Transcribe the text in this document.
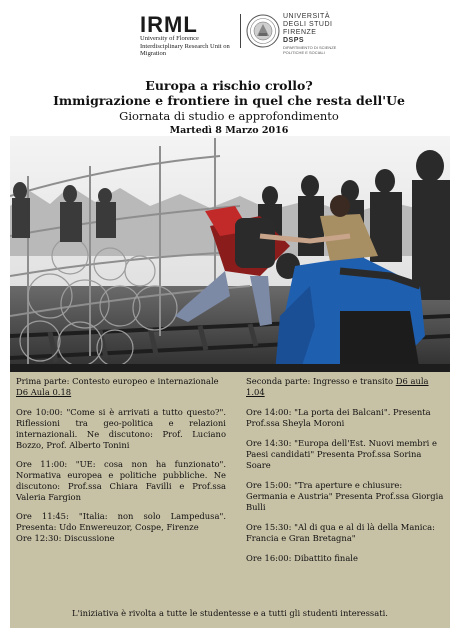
IRML
University of Florence
Interdisciplinary Research Unit on Migration
UNIVERSITÀ
DEGLI STUDI
FIRENZE
DSPS
DIPARTIMENTO DI SCIENZE POLITICHE E SOCIALI
Europa a rischio crollo?
Immigrazione e frontiere in quel che resta dell'Ue
Giornata di studio e approfondimento
Martedì 8 Marzo 2016

Prima parte: Contesto europeo e internazionale D6 Aula 0.18

Ore 10:00: "Come si è arrivati a tutto questo?". Riflessioni tra geo-politica e relazioni internazionali. Ne discutono: Prof. Luciano Bozzo, Prof. Alberto Tonini

Ore 11:00: "UE: cosa non ha funzionato". Normativa europea e politiche pubbliche. Ne discutono: Prof.ssa Chiara Favilli e Prof.ssa Valeria Fargion

Ore 11:45: "Italia: non solo Lampedusa". Presenta: Udo Enwereuzor, Cospe, Firenze

Ore 12:30: Discussione

Seconda parte: Ingresso e transito D6 aula 1.04

Ore 14:00: "La porta dei Balcani". Presenta Prof.ssa Sheyla Moroni

Ore 14:30: "Europa dell'Est. Nuovi membri e Paesi candidati" Presenta Prof.ssa Sorina Soare

Ore 15:00: "Tra aperture e chiusure: Germania e Austria" Presenta Prof.ssa Giorgia Bulli

Ore 15:30: "Al di qua e al di là della Manica: Francia e Gran Bretagna"

Ore 16:00: Dibattito finale

L'iniziativa è rivolta a tutte le studentesse e a tutti gli studenti interessati.
